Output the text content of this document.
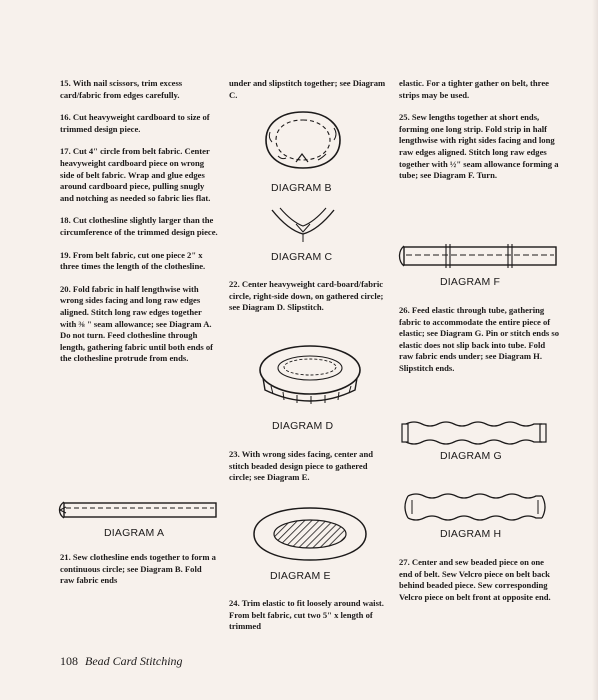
15. With nail scissors, trim excess card/fabric from edges carefully.

16. Cut heavyweight cardboard to size of trimmed design piece.

17. Cut 4" circle from belt fabric. Center heavyweight cardboard piece on wrong side of belt fabric. Wrap and glue edges around cardboard piece, pulling snugly and notching as needed so fabric lies flat.

18. Cut clothesline slightly larger than the circumference of the trimmed design piece.

19. From belt fabric, cut one piece 2" x three times the length of the clothesline.

20. Fold fabric in half lengthwise with wrong sides facing and long raw edges aligned. Stitch long raw edges together with ⅜ " seam allowance; see Diagram A. Do not turn. Feed clothesline through length, gathering fabric until both ends of the clothesline protrude from ends.

DIAGRAM A

21. Sew clothesline ends together to form a continuous circle; see Diagram B. Fold raw fabric ends

under and slipstitch together; see Diagram C.

DIAGRAM B
DIAGRAM C

22. Center heavyweight card-board/fabric circle, right-side down, on gathered circle; see Diagram D. Slipstitch.

DIAGRAM D

23. With wrong sides facing, center and stitch beaded design piece to gathered circle; see Diagram E.

DIAGRAM E

24. Trim elastic to fit loosely around waist. From belt fabric, cut two 5" x length of trimmed

elastic. For a tighter gather on belt, three strips may be used.

25. Sew lengths together at short ends, forming one long strip. Fold strip in half lengthwise with right sides facing and long raw edges aligned. Stitch long raw edges together with ½" seam allowance forming a tube; see Diagram F. Turn.

DIAGRAM F

26. Feed elastic through tube, gathering fabric to accommodate the entire piece of elastic; see Diagram G. Pin or stitch ends so elastic does not slip back into tube. Fold raw fabric ends under; see Diagram H. Slipstitch ends.

DIAGRAM G
DIAGRAM H

27. Center and sew beaded piece on one end of belt. Sew Velcro piece on belt back behind beaded piece. Sew corresponding Velcro piece on belt front at opposite end.

108 Bead Card Stitching
